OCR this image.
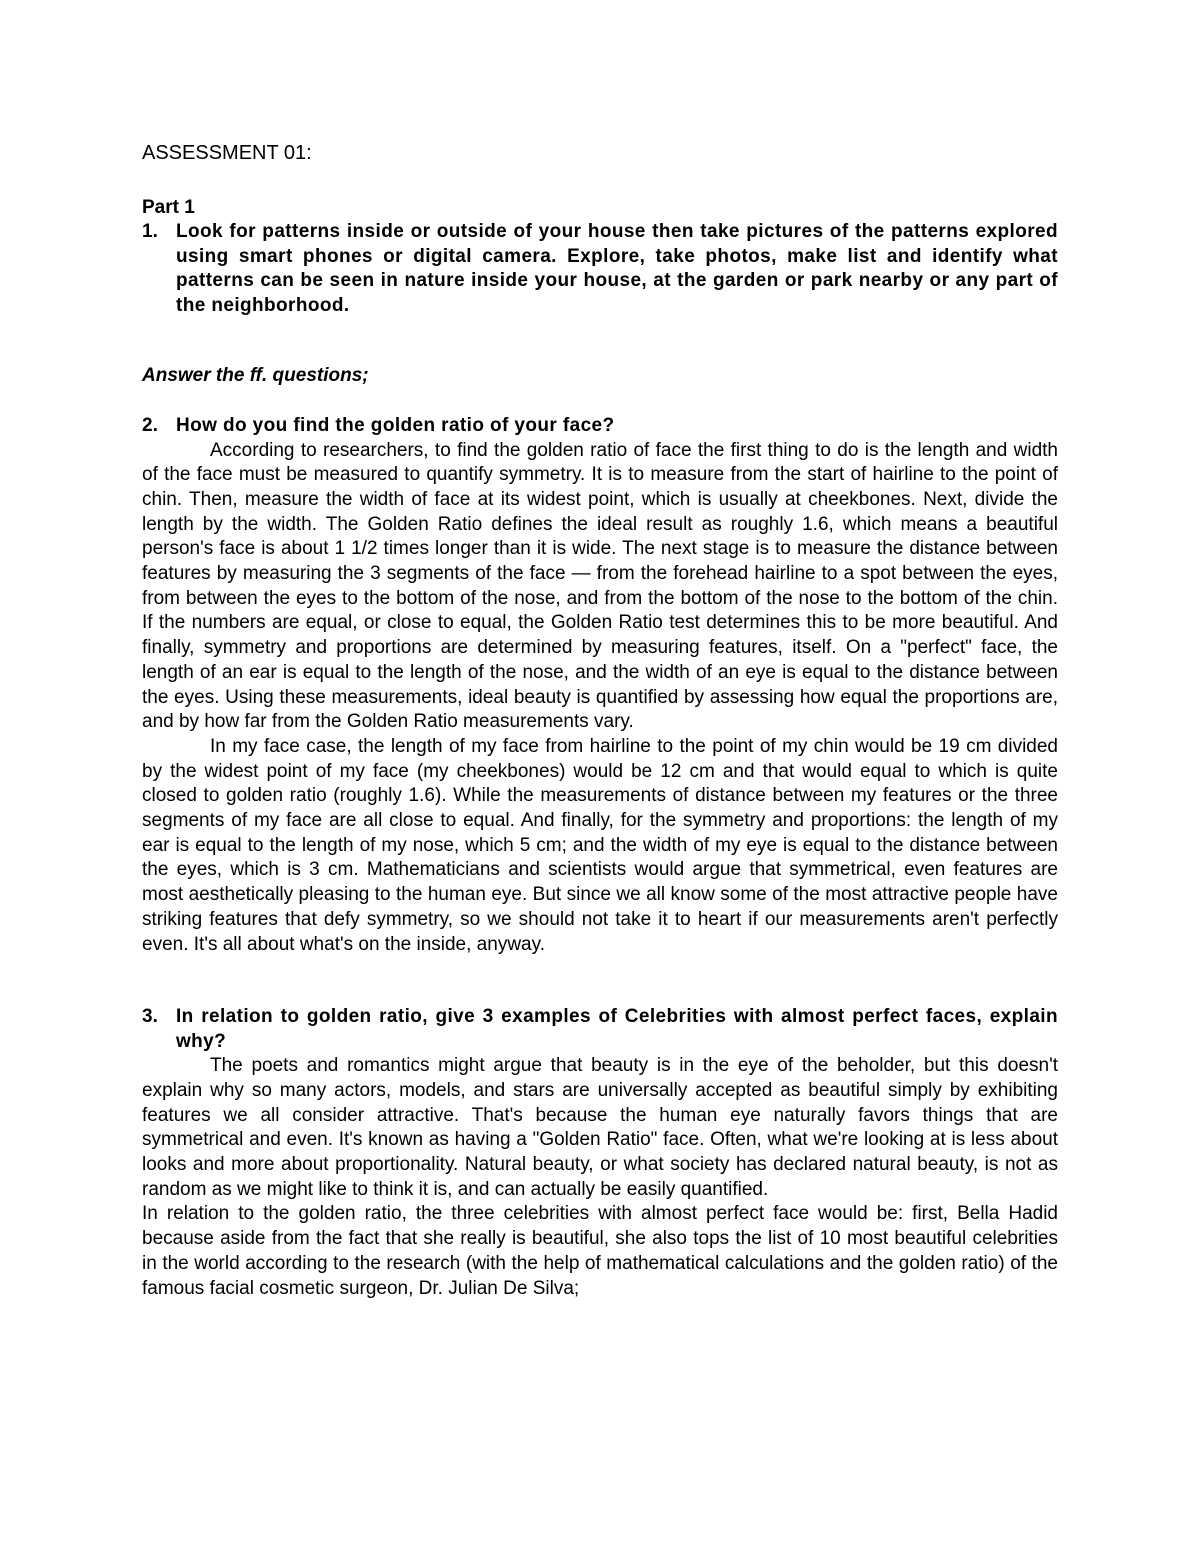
ASSESSMENT 01:
Part 1
1. Look for patterns inside or outside of your house then take pictures of the patterns explored using smart phones or digital camera. Explore, take photos, make list and identify what patterns can be seen in nature inside your house, at the garden or park nearby or any part of the neighborhood.
Answer the ff. questions;
2. How do you find the golden ratio of your face?

According to researchers, to find the golden ratio of face the first thing to do is the length and width of the face must be measured to quantify symmetry. It is to measure from the start of hairline to the point of chin. Then, measure the width of face at its widest point, which is usually at cheekbones. Next, divide the length by the width. The Golden Ratio defines the ideal result as roughly 1.6, which means a beautiful person's face is about 1 1/2 times longer than it is wide. The next stage is to measure the distance between features by measuring the 3 segments of the face — from the forehead hairline to a spot between the eyes, from between the eyes to the bottom of the nose, and from the bottom of the nose to the bottom of the chin. If the numbers are equal, or close to equal, the Golden Ratio test determines this to be more beautiful. And finally, symmetry and proportions are determined by measuring features, itself. On a "perfect" face, the length of an ear is equal to the length of the nose, and the width of an eye is equal to the distance between the eyes. Using these measurements, ideal beauty is quantified by assessing how equal the proportions are, and by how far from the Golden Ratio measurements vary.

In my face case, the length of my face from hairline to the point of my chin would be 19 cm divided by the widest point of my face (my cheekbones) would be 12 cm and that would equal to which is quite closed to golden ratio (roughly 1.6). While the measurements of distance between my features or the three segments of my face are all close to equal. And finally, for the symmetry and proportions: the length of my ear is equal to the length of my nose, which 5 cm; and the width of my eye is equal to the distance between the eyes, which is 3 cm. Mathematicians and scientists would argue that symmetrical, even features are most aesthetically pleasing to the human eye. But since we all know some of the most attractive people have striking features that defy symmetry, so we should not take it to heart if our measurements aren't perfectly even. It's all about what's on the inside, anyway.

3. In relation to golden ratio, give 3 examples of Celebrities with almost perfect faces, explain why?

The poets and romantics might argue that beauty is in the eye of the beholder, but this doesn't explain why so many actors, models, and stars are universally accepted as beautiful simply by exhibiting features we all consider attractive. That's because the human eye naturally favors things that are symmetrical and even. It's known as having a "Golden Ratio" face. Often, what we're looking at is less about looks and more about proportionality. Natural beauty, or what society has declared natural beauty, is not as random as we might like to think it is, and can actually be easily quantified.

In relation to the golden ratio, the three celebrities with almost perfect face would be: first, Bella Hadid because aside from the fact that she really is beautiful, she also tops the list of 10 most beautiful celebrities in the world according to the research (with the help of mathematical calculations and the golden ratio) of the famous facial cosmetic surgeon, Dr. Julian De Silva;
